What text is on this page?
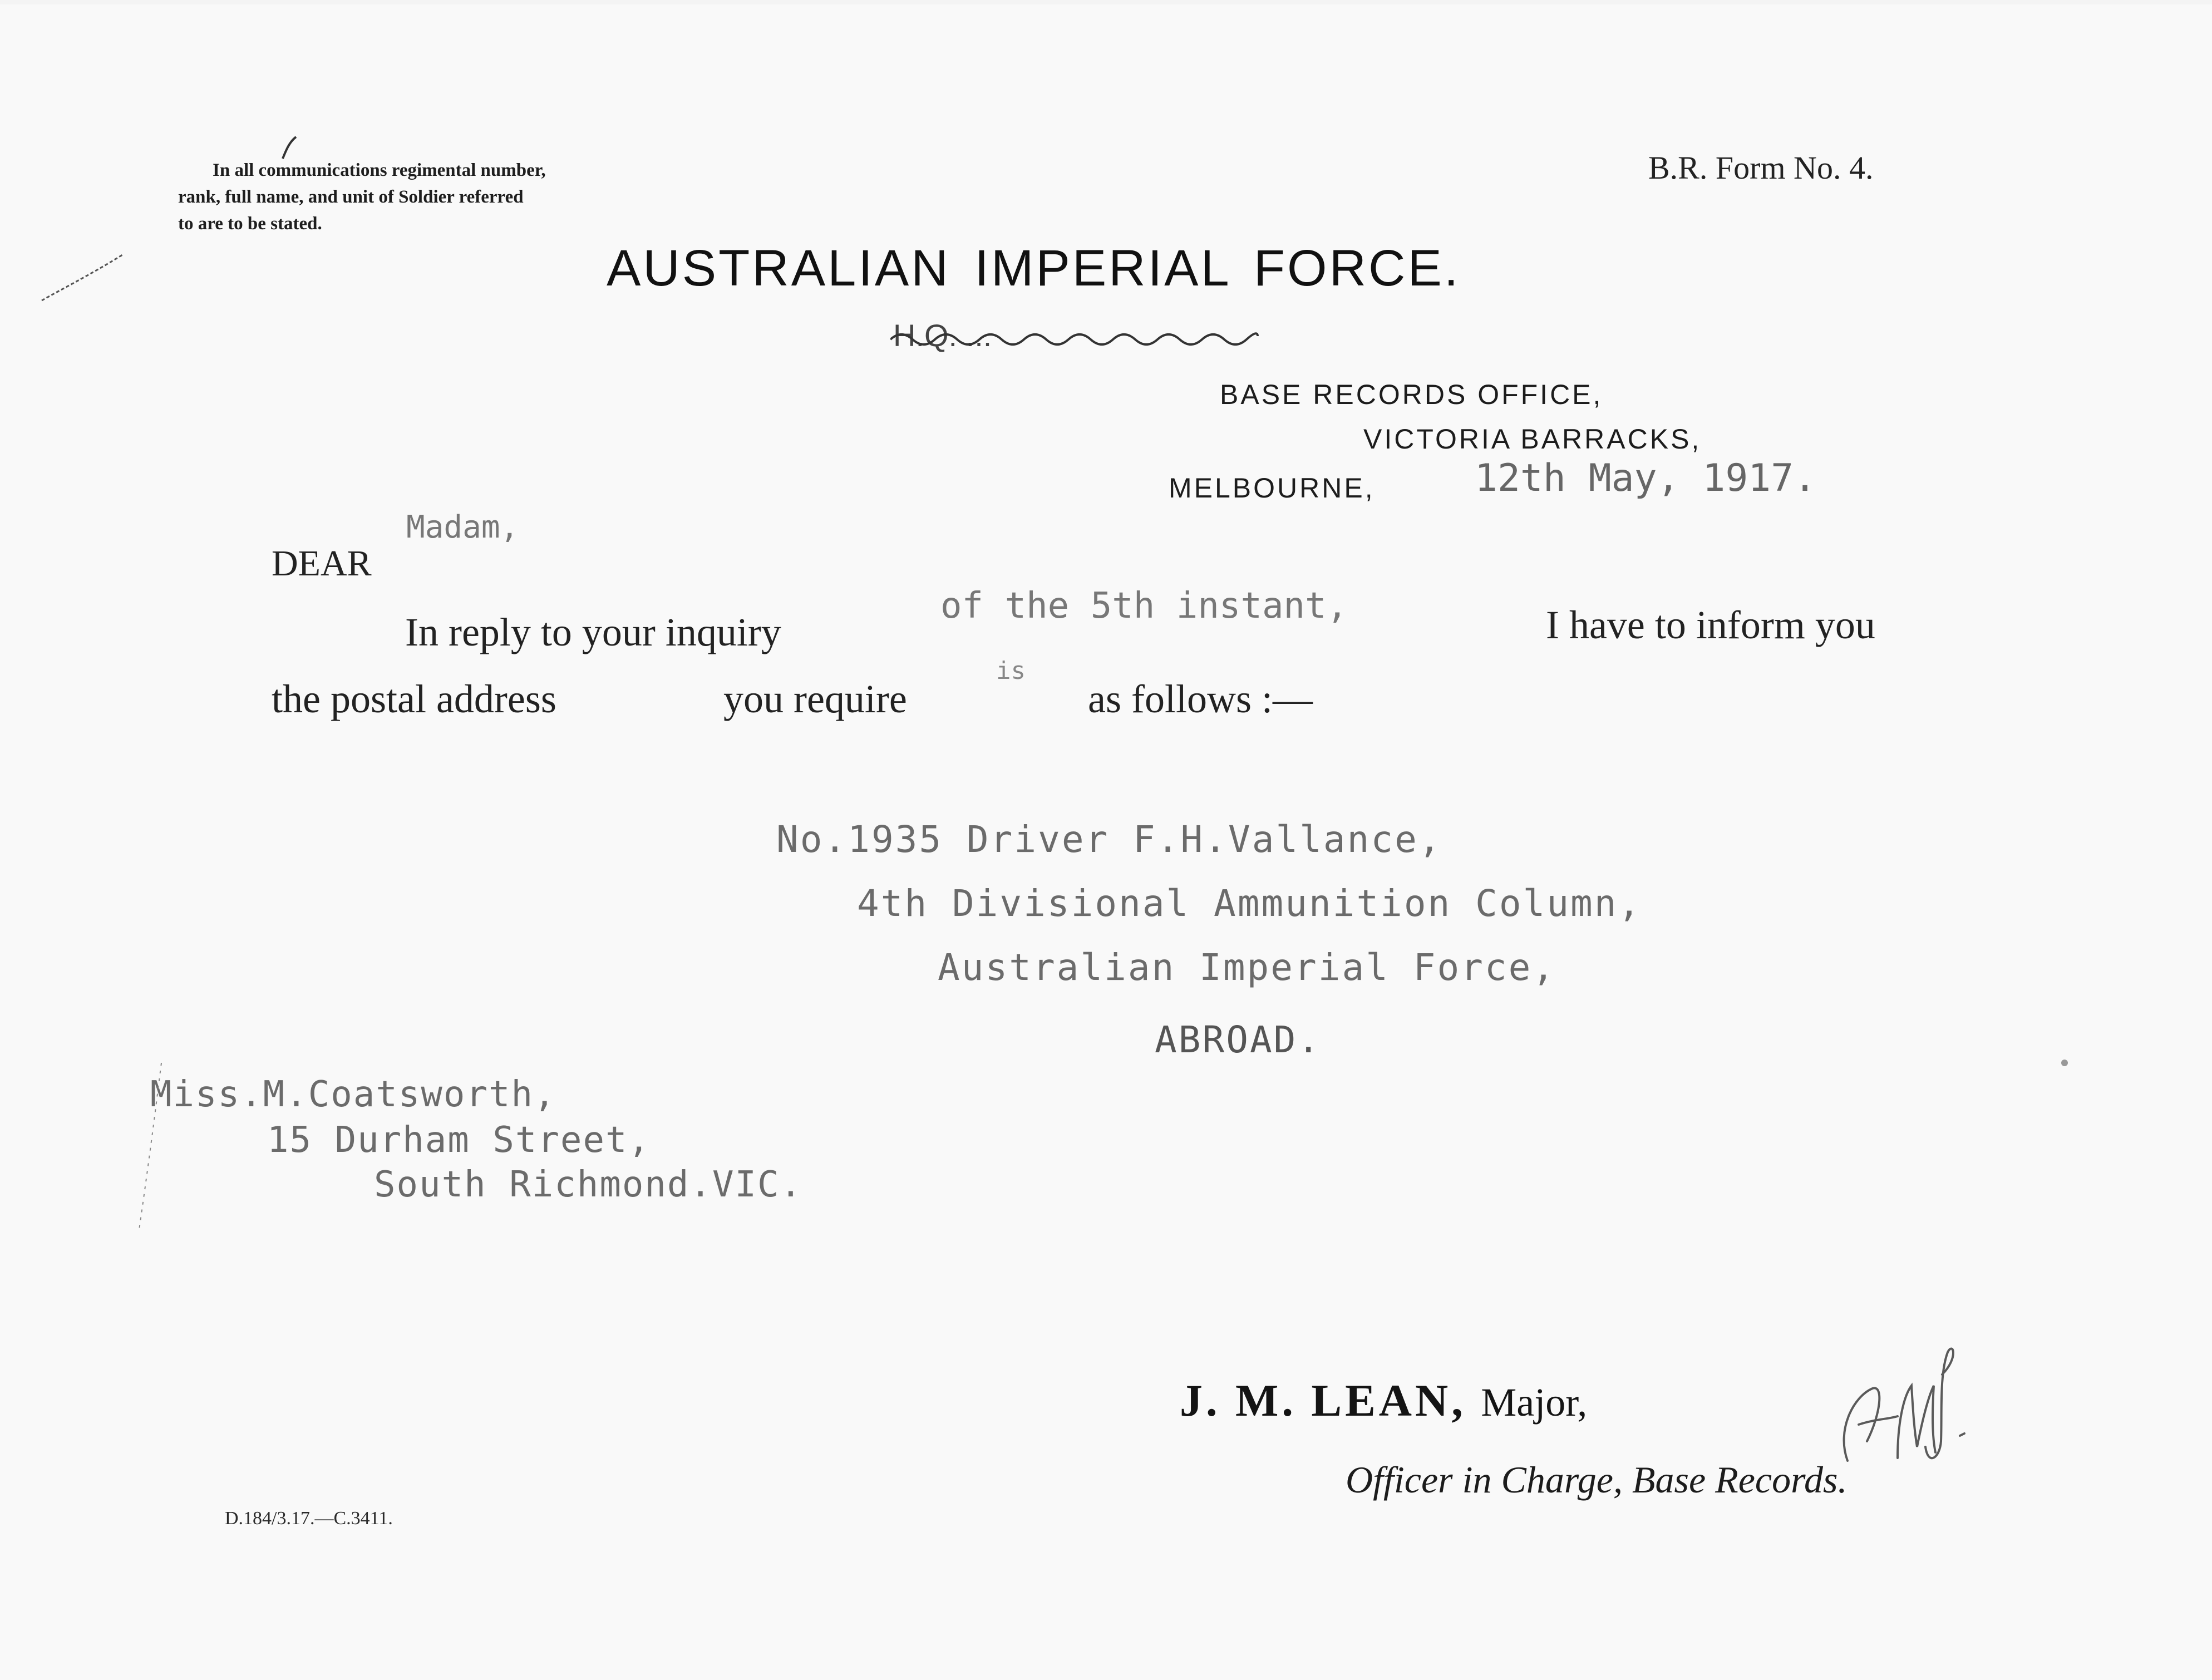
In all communications regimental number,
rank, full name, and unit of Soldier referred
to are to be stated.
B.R. Form No. 4.
AUSTRALIAN IMPERIAL FORCE.
H.Q. ...
BASE RECORDS OFFICE,
VICTORIA BARRACKS,
MELBOURNE,	12th May, 1917.
Madam,
DEAR
In reply to your inquiry
of the 5th instant,	I have to inform you
the postal address	you require
is
as follows :—
No.1935 Driver F.H.Vallance,
4th Divisional Ammunition Column,
Australian Imperial Force,
ABROAD.
Miss.M.Coatsworth,
15 Durham Street,
South Richmond.VIC.
J. M. LEAN, Major,
Officer in Charge, Base Records.
D.184/3.17.—C.3411.
